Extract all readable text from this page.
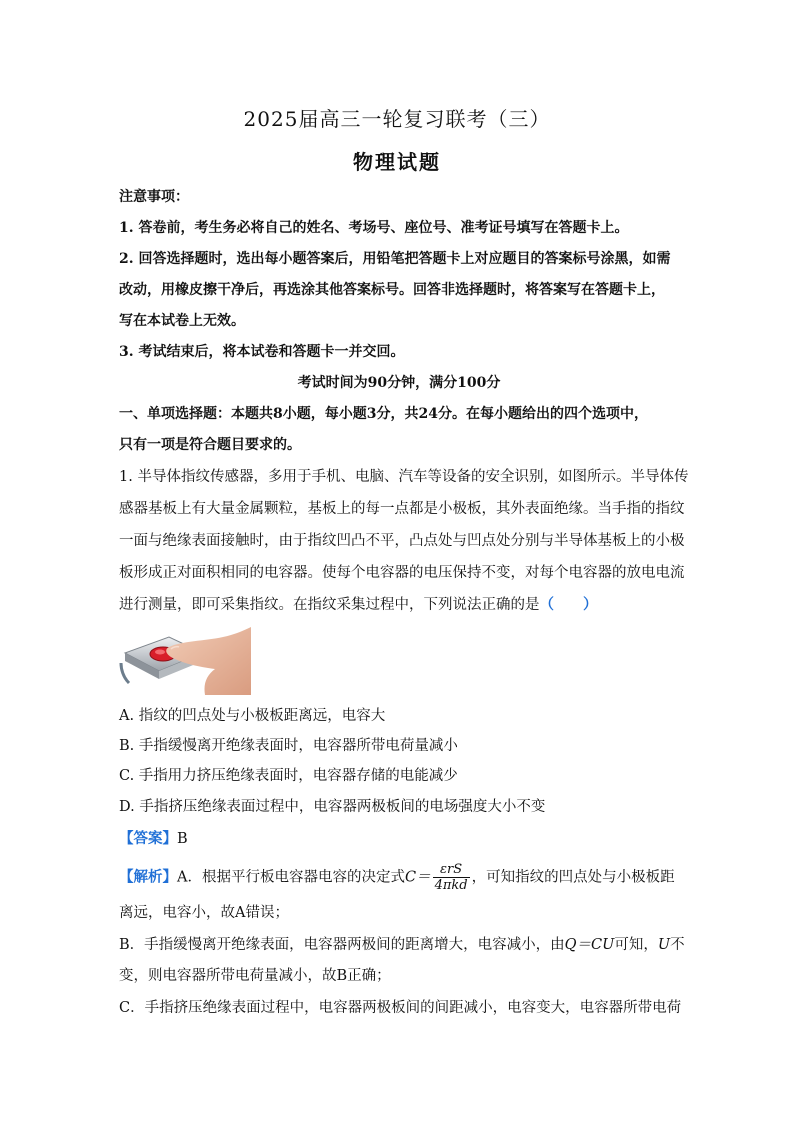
2025届高三一轮复习联考（三）
物理试题
注意事项：
1. 答卷前，考生务必将自己的姓名、考场号、座位号、准考证号填写在答题卡上。
2. 回答选择题时，选出每小题答案后，用铅笔把答题卡上对应题目的答案标号涂黑，如需
改动，用橡皮擦干净后，再选涂其他答案标号。回答非选择题时，将答案写在答题卡上，
写在本试卷上无效。
3. 考试结束后，将本试卷和答题卡一并交回。
考试时间为90分钟，满分100分
一、单项选择题：本题共8小题，每小题3分，共24分。在每小题给出的四个选项中，
只有一项是符合题目要求的。
1. 半导体指纹传感器，多用于手机、电脑、汽车等设备的安全识别，如图所示。半导体传
感器基板上有大量金属颗粒，基板上的每一点都是小极板，其外表面绝缘。当手指的指纹
一面与绝缘表面接触时，由于指纹凹凸不平，凸点处与凹点处分别与半导体基板上的小极
板形成正对面积相同的电容器。使每个电容器的电压保持不变，对每个电容器的放电电流
进行测量，即可采集指纹。在指纹采集过程中，下列说法正确的是（　　）
A. 指纹的凹点处与小极板距离远，电容大
B. 手指缓慢离开绝缘表面时，电容器所带电荷量减小
C. 手指用力挤压绝缘表面时，电容器存储的电能减少
D. 手指挤压绝缘表面过程中，电容器两极板间的电场强度大小不变
【答案】B
【解析】A．根据平行板电容器电容的决定式$C= \frac{\text{εrS}}{\text{4πkd}}$ ，可知指纹的凹点处与小极板距
离远，电容小，故A错误；
B．手指缓慢离开绝缘表面，电容器两极间的距离增大，电容减小，由Q＝CU可知，U不
变，则电容器所带电荷量减小，故B正确；
C．手指挤压绝缘表面过程中，电容器两极板间的间距减小，电容变大，电容器所带电荷
